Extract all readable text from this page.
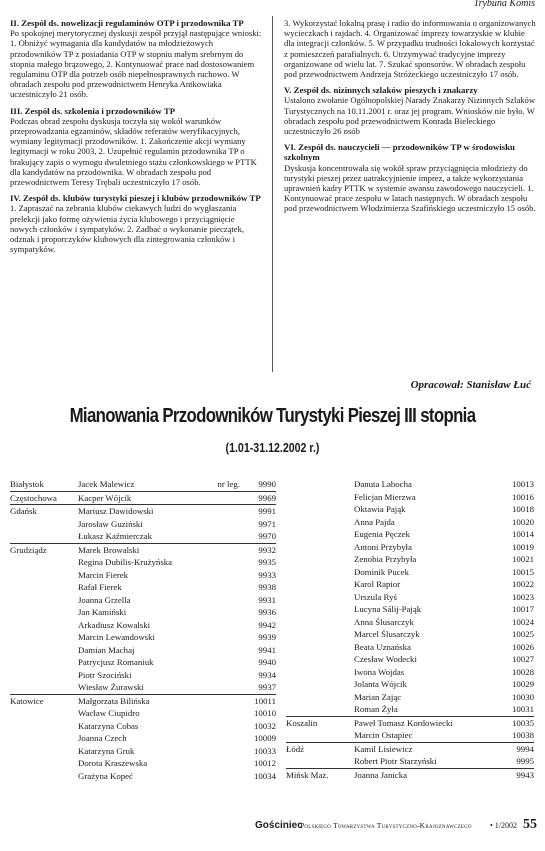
Trybuna Komis
II. Zespół ds. nowelizacji regulaminów OTP i przodownika TP

Po spokojnej merytorycznej dyskusji zespół przyjął następujące wnioski: 1. Obniżyć wymagania dla kandydatów na młodzieżowych przodowników TP z posiadania OTP w stopniu małym srebrnym do stopnia małego brązowego, 2. Kontynuować prace nad dostosowaniem regulaminu OTP dla potrzeb osób niepełnosprawnych ruchowo. W obradach zespołu pod przewodnictwem Henryka Antkowiaka uczestniczyło 21 osób.

III. Zespół ds. szkolenia i przodowników TP

Podczas obrad zespołu dyskusja toczyła się wokół warunków przeprowadzania egzaminów, składów referatów weryfikacyjnych, wymiany legitymacji przodowników. 1. Zakończenie akcji wymiany legitymacji w roku 2003, 2. Uzupełnić regulamin przodownika TP o brakujący zapis o wymogu dwuletniego stażu członkowskiego w PTTK dla kandydatów na przodownika. W obradach zespołu pod przewodnictwem Teresy Trębali uczestniczyło 17 osób.

IV. Zespół ds. klubów turystyki pieszej i klubów przodowników TP

1. Zapraszać na zebrania klubów ciekawych ludzi do wygłaszania prelekcji jako formę ożywienia życia klubowego i przyciągnięcie nowych członków i sympatyków. 2. Zadbać o wykonanie pieczątek, odznak i proporczyków klubowych dla zintegrowania członków i sympatyków.

3. Wykorzystać lokalną prasę i radio do informowania o organizowanych wycieczkach i rajdach. 4. Organizować imprezy towarzyskie w klubie dla integracji członków. 5. W przypadku trudności lokalowych korzystać z pomieszczeń parafialnych. 6. Utrzymywać tradycyjne imprezy organizowane od wielu lat. 7. Szukać sponsorów. W obradach zespołu pod przewodnictwem Andrzeja Stróżeckiego uczestniczyło 17 osób.

V. Zespół ds. nizinnych szlaków pieszych i znakarzy

Ustalono zwołanie Ogólnopolskiej Narady Znakarzy Nizinnych Szlaków Turystycznych na 10.11.2001 r. oraz jej program. Wniosków nie było. W obradach zespołu pod przewodnictwem Konrada Bieleckiego uczestniczyło 26 osób

VI. Zespół ds. nauczycieli — przodowników TP w środowisku szkolnym

Dyskusja koncentrowała się wokół spraw przyciągnięcia młodzieży do turystyki pieszej przez uatrakcyjnienie imprez, a także wykorzystania uprawnień kadry PTTK w systemie awansu zawodowego nauczycieli. 1. Kontynuować prace zespołu w latach następnych. W obradach zespołu pod przewodnictwem Włodzimierza Szafińskiego uczestniczyło 15 osób.

Opracował: Stanisław Łuć
Mianowania Przodowników Turystyki Pieszej III stopnia
(1.01-31.12.2002 r.)
Białystok	Jacek Malewicz	nr leg.	9990
Częstochowa	Kacper Wójcik	9969
Gdańsk	Mariusz Dawidowski	9991
Jarosław Guziński	9971
Łukasz Kaźmierczak	9970
Grudziądz	Marek Browalski	9932
Regina Dubilis-Krużyńska	9935
Marcin Fierek	9933
Rafał Fierek	9938
Joanna Grzella	9931
Jan Kamiński	9936
Arkadiusz Kowalski	9942
Marcin Lewandowski	9939
Damian Machaj	9941
Patrycjusz Romaniuk	9940
Piotr Szociński	9934
Wiesław Żurawski	9937
Katowice	Małgorzata Bilińska	10011
Wacław Ciupidro	10010
Katarzyna Cobas	10032
Joanna Czech	10009
Katarzyna Gruk	10033
Dorota Kraszewska	10012
Grażyna Kopeć	10034
Danuta Labocha	10013
Felicjan Mierzwa	10016
Oktawia Pająk	10018
Anna Pajda	10020
Eugenia Pęczek	10014
Antoni Przybyła	10019
Zenobia Przybyła	10021
Dominik Pucek	10015
Karol Rapior	10022
Urszula Ryś	10023
Lucyna Sálij-Pająk	10017
Anna Ślusarczyk	10024
Marcel Ślusarczyk	10025
Beata Uznańska	10026
Czesław Wodecki	10027
Iwona Wojdas	10028
Jolanta Wójcik	10029
Marian Zając	10030
Roman Żyła	10031
Koszalin	Paweł Tomasz Kordowiecki	10035
Marcin Ostapiec	10038
Łódź	Kamil Lisiewicz	9994
Robert Piotr Starzyński	9995
Mińsk Maz.	Joanna Janicka	9943
Gościniec
Polskiego Towarzystwa Turystyczno-Krajoznawczego • 1/2002 55
